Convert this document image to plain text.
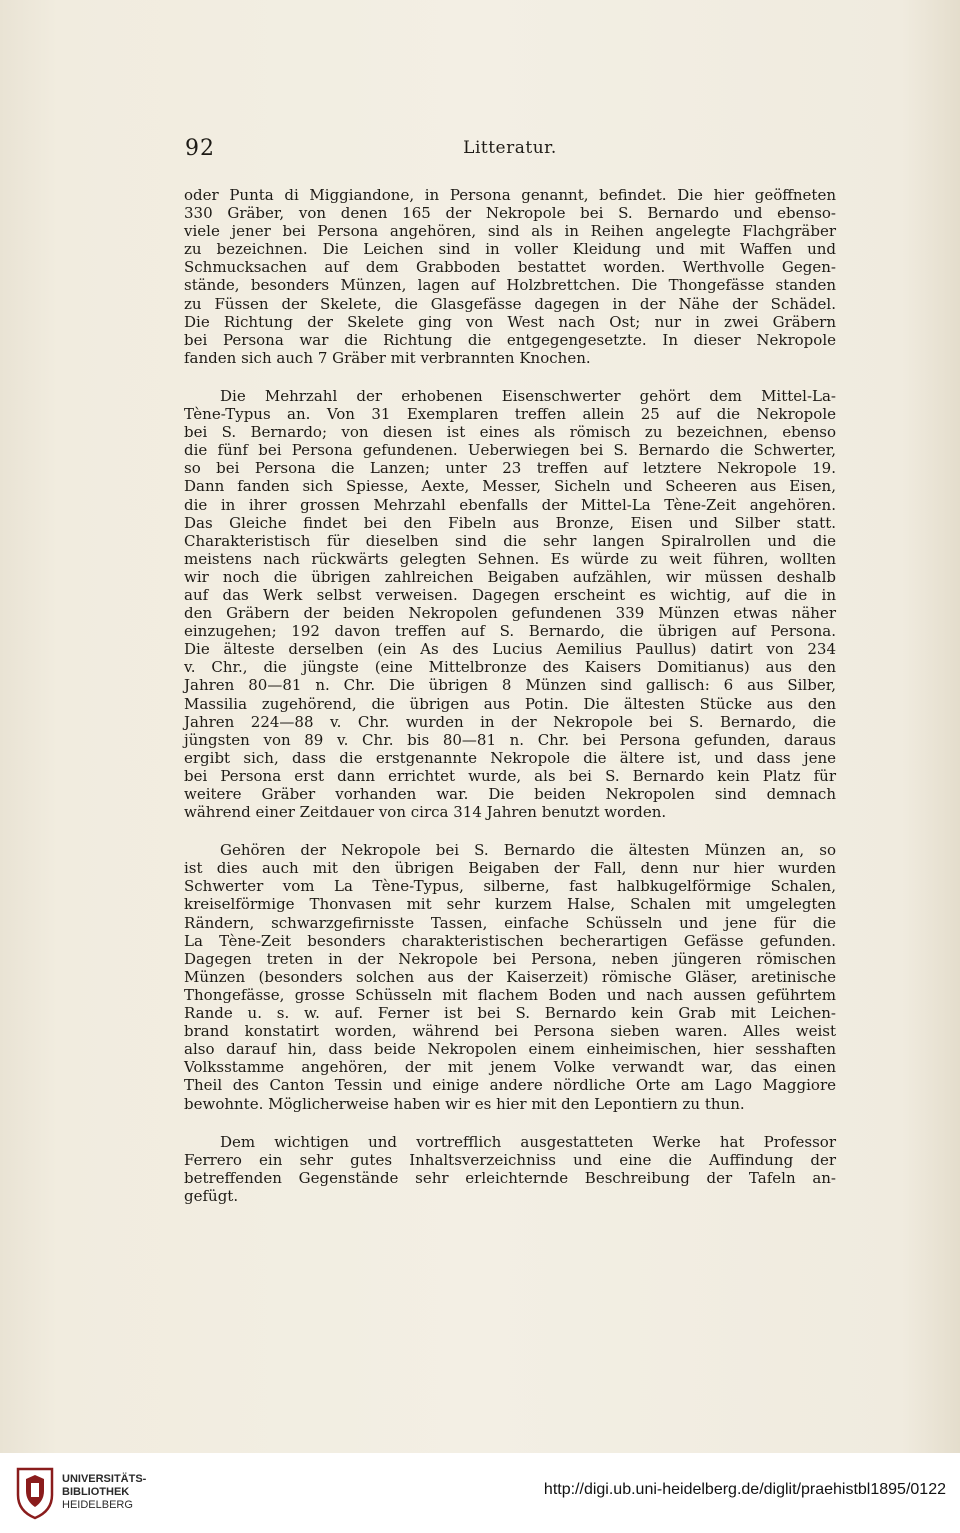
92	Litteratur.
oder Punta di Miggiandone, in Persona genannt, befindet. Die hier geöffneten
330 Gräber, von denen 165 der Nekropole bei S. Bernardo und ebenso-
viele jener bei Persona angehören, sind als in Reihen angelegte Flachgräber
zu bezeichnen. Die Leichen sind in voller Kleidung und mit Waffen und
Schmucksachen auf dem Grabboden bestattet worden. Werthvolle Gegen-
stände, besonders Münzen, lagen auf Holzbrettchen. Die Thongefässe standen
zu Füssen der Skelete, die Glasgefässe dagegen in der Nähe der Schädel.
Die Richtung der Skelete ging von West nach Ost; nur in zwei Gräbern
bei Persona war die Richtung die entgegengesetzte. In dieser Nekropole
fanden sich auch 7 Gräber mit verbrannten Knochen.
Die Mehrzahl der erhobenen Eisenschwerter gehört dem Mittel-La-
Tène-Typus an. Von 31 Exemplaren treffen allein 25 auf die Nekropole
bei S. Bernardo; von diesen ist eines als römisch zu bezeichnen, ebenso
die fünf bei Persona gefundenen. Ueberwiegen bei S. Bernardo die Schwerter,
so bei Persona die Lanzen; unter 23 treffen auf letztere Nekropole 19.
Dann fanden sich Spiesse, Aexte, Messer, Sicheln und Scheeren aus Eisen,
die in ihrer grossen Mehrzahl ebenfalls der Mittel-La Tène-Zeit angehören.
Das Gleiche findet bei den Fibeln aus Bronze, Eisen und Silber statt.
Charakteristisch für dieselben sind die sehr langen Spiralrollen und die
meistens nach rückwärts gelegten Sehnen. Es würde zu weit führen, wollten
wir noch die übrigen zahlreichen Beigaben aufzählen, wir müssen deshalb
auf das Werk selbst verweisen. Dagegen erscheint es wichtig, auf die in
den Gräbern der beiden Nekropolen gefundenen 339 Münzen etwas näher
einzugehen; 192 davon treffen auf S. Bernardo, die übrigen auf Persona.
Die älteste derselben (ein As des Lucius Aemilius Paullus) datirt von 234
v. Chr., die jüngste (eine Mittelbronze des Kaisers Domitianus) aus den
Jahren 80—81 n. Chr. Die übrigen 8 Münzen sind gallisch: 6 aus Silber,
Massilia zugehörend, die übrigen aus Potin. Die ältesten Stücke aus den
Jahren 224—88 v. Chr. wurden in der Nekropole bei S. Bernardo, die
jüngsten von 89 v. Chr. bis 80—81 n. Chr. bei Persona gefunden, daraus
ergibt sich, dass die erstgenannte Nekropole die ältere ist, und dass jene
bei Persona erst dann errichtet wurde, als bei S. Bernardo kein Platz für
weitere Gräber vorhanden war. Die beiden Nekropolen sind demnach
während einer Zeitdauer von circa 314 Jahren benutzt worden.
Gehören der Nekropole bei S. Bernardo die ältesten Münzen an, so
ist dies auch mit den übrigen Beigaben der Fall, denn nur hier wurden
Schwerter vom La Tène-Typus, silberne, fast halbkugelförmige Schalen,
kreiselförmige Thonvasen mit sehr kurzem Halse, Schalen mit umgelegten
Rändern, schwarzgefirnisste Tassen, einfache Schüsseln und jene für die
La Tène-Zeit besonders charakteristischen becherartigen Gefässe gefunden.
Dagegen treten in der Nekropole bei Persona, neben jüngeren römischen
Münzen (besonders solchen aus der Kaiserzeit) römische Gläser, aretinische
Thongefässe, grosse Schüsseln mit flachem Boden und nach aussen geführtem
Rande u. s. w. auf. Ferner ist bei S. Bernardo kein Grab mit Leichen-
brand konstatirt worden, während bei Persona sieben waren. Alles weist
also darauf hin, dass beide Nekropolen einem einheimischen, hier sesshaften
Volksstamme angehören, der mit jenem Volke verwandt war, das einen
Theil des Canton Tessin und einige andere nördliche Orte am Lago Maggiore
bewohnte. Möglicherweise haben wir es hier mit den Lepontiern zu thun.
Dem wichtigen und vortrefflich ausgestatteten Werke hat Professor
Ferrero ein sehr gutes Inhaltsverzeichniss und eine die Auffindung der
betreffenden Gegenstände sehr erleichternde Beschreibung der Tafeln an-
gefügt.
UNIVERSITÄTS-
BIBLIOTHEK
HEIDELBERG
http://digi.ub.uni-heidelberg.de/diglit/praehistbl1895/0122
